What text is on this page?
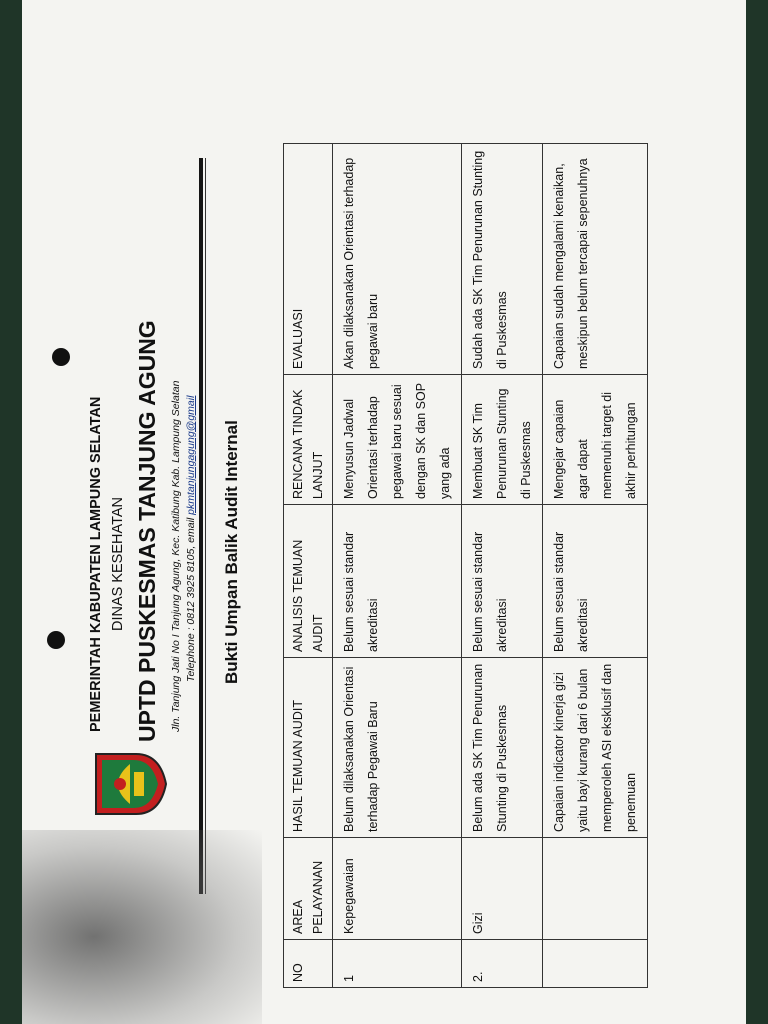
PEMERINTAH KABUPATEN LAMPUNG SELATAN DINAS KESEHATAN UPTD PUSKESMAS TANJUNG AGUNG Jln. Tanjung Jati No I Tanjung Agung, Kec. Katibung Kab. Lampung Selatan Telephone : 0812 3925 8105, email pkmtanjungagung@gmail Bukti Umpan Balik Audit Internal
NO	AREA PELAYANAN	HASIL TEMUAN AUDIT	ANALISIS TEMUAN AUDIT	RENCANA TINDAK LANJUT	EVALUASI
1	Kepegawaian	Belum dilaksanakan Orientasi terhadap Pegawai Baru	Belum sesuai standar akreditasi	Menyusun Jadwal Orientasi terhadap pegawai baru sesuai dengan SK dan SOP yang ada	Akan dilaksanakan Orientasi terhadap pegawai baru
2.	Gizi	Belum ada SK Tim Penurunan Stunting di Puskesmas	Belum sesuai standar akreditasi	Membuat SK Tim Penurunan Stunting di Puskesmas	Sudah ada SK Tim Penurunan Stunting di Puskesmas
		Capaian indicator kinerja gizi yaitu bayi kurang dari 6 bulan memperoleh ASI eksklusif dan penemuan	Belum sesuai standar akreditasi	Mengejar capaian agar dapat memenuhi target di akhir perhitungan	Capaian sudah mengalami kenaikan, meskipun belum tercapai sepenuhnya
